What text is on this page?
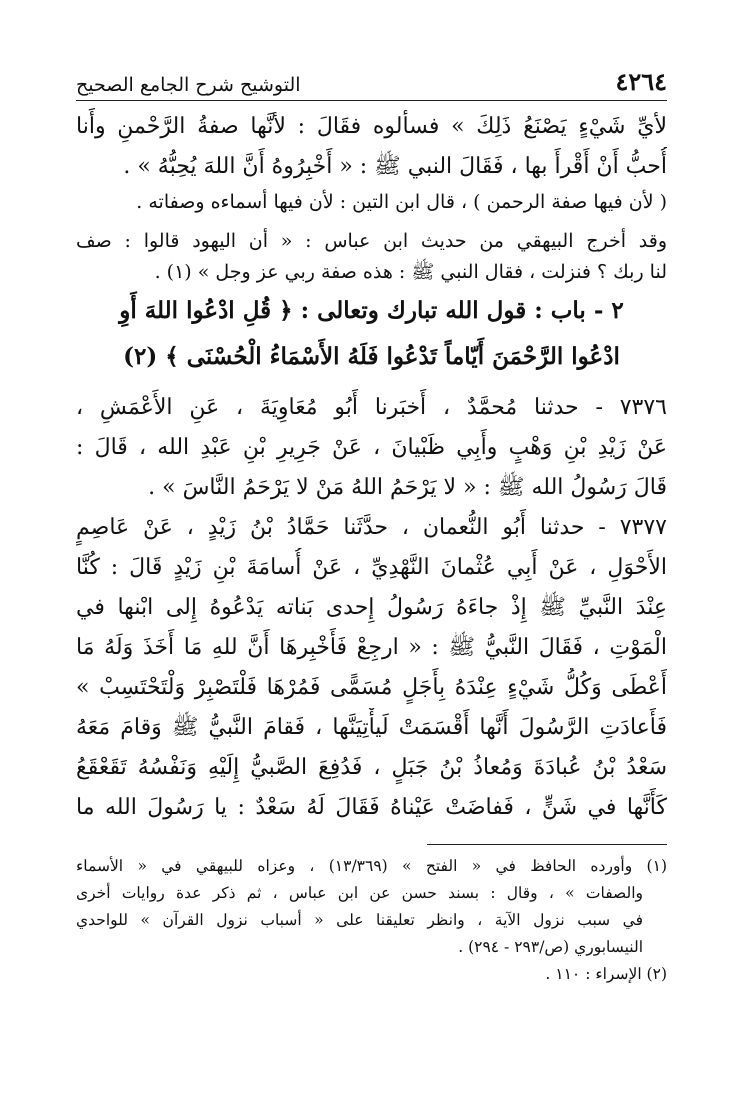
٤٢٦٤
التوشيح شرح الجامع الصحيح

لأيِّ شَيْءٍ يَصْنَعُ ذَلِكَ » فسألوه فقَالَ : لأنَّها صفةُ الرَّحْمنِ وأَنا

أُحبُّ أَنْ أَقْرأَ بها ، فَقَالَ النبي ﷺ : « أَخْبِرُوهُ أَنَّ اللهَ يُحِبُّهُ » .

( لأن فيها صفة الرحمن ) ، قال ابن التين : لأن فيها أسماءه وصفاته .

وقد أخرج البيهقي من حديث ابن عباس : « أن اليهود قالوا : صف

لنا ربك ؟ فنزلت ، فقال النبي ﷺ : هذه صفة ربي عز وجل » (١) .

٢ - باب : قول الله تبارك وتعالى : ﴿ قُلِ ادْعُوا اللهَ أَوِ

ادْعُوا الرَّحْمَنَ أَيّاماً تَدْعُوا فَلَهُ الأَسْمَاءُ الْحُسْنَى ﴾ (٢)

٧٣٧٦ - حدثنا مُحمَّدٌ ، أَخبَرنا أَبُو مُعَاوِيَةَ ، عَنِ الأَعْمَشِ ،

عَنْ زَيْدِ بْنِ وَهْبٍ وأَبِي ظَبْيانَ ، عَنْ جَرِيرِ بْنِ عَبْدِ الله ، قَالَ :

قَالَ رَسُولُ الله ﷺ : « لا يَرْحَمُ اللهُ مَنْ لا يَرْحَمُ النَّاسَ » .

٧٣٧٧ - حدثنا أَبُو النُّعمان ، حدَّثَنا حَمَّادُ بْنُ زَيْدٍ ، عَنْ عَاصِمٍ

الأَحْوَلِ ، عَنْ أَبِي عُثْمانَ النَّهْدِيِّ ، عَنْ أُسامَةَ بْنِ زَيْدٍ قَالَ : كُنَّا

عِنْدَ النَّبيِّ ﷺ إِذْ جاءَهُ رَسُولُ إِحدى بَناته يَدْعُوهُ إِلى ابْنها في

الْمَوْتِ ، فَقَالَ النَّبيُّ ﷺ : « ارجِعْ فَأَخْبِرهَا أَنَّ للهِ مَا أَخَذَ وَلَهُ مَا

أَعْطَى وَكُلُّ شَيْءٍ عِنْدَهُ بِأَجَلٍ مُسَمًّى فَمُرْهَا فَلْتَصْبِرْ وَلْتَحْتَسِبْ »

فَأَعادَتِ الرَّسُولَ أَنَّها أَقْسَمَتْ لَيأْتِيَنَّها ، فَقامَ النَّبيُّ ﷺ وَقامَ مَعَهُ

سَعْدُ بْنُ عُبادَةَ وَمُعاذُ بْنُ جَبَلٍ ، فَدُفِعَ الصَّبيُّ إِلَيْهِ وَنَفْسُهُ تَقَعْقَعُ

كَأَنَّها في شَنٍّ ، فَفاضَتْ عَيْناهُ فَقَالَ لَهُ سَعْدٌ : يا رَسُولَ الله ما

(١) وأورده الحافظ في « الفتح » (١٣/٣٦٩) ، وعزاه للبيهقي في « الأسماء

والصفات » ، وقال : بسند حسن عن ابن عباس ، ثم ذكر عدة روايات أخرى

في سبب نزول الآية ، وانظر تعليقنا على « أسباب نزول القرآن » للواحدي

النيسابوري (ص/٢٩٣ - ٢٩٤) .

(٢) الإسراء : ١١٠ .
